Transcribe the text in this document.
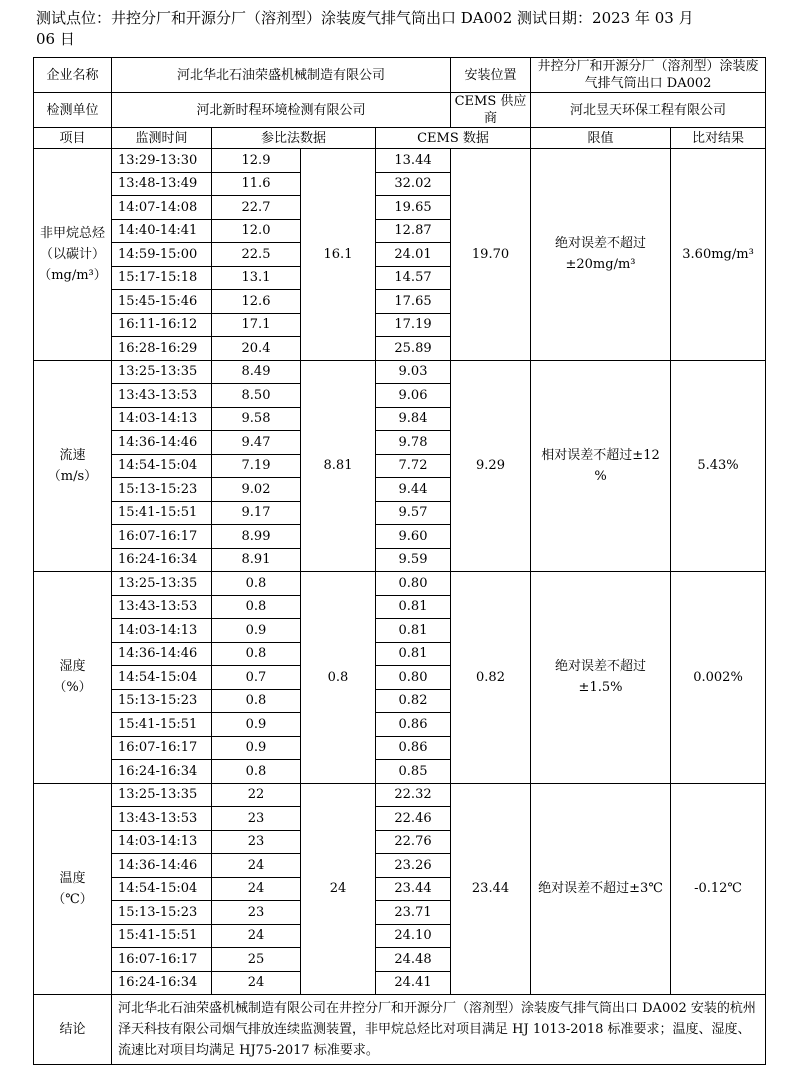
测试点位：井控分厂和开源分厂（溶剂型）涂装废气排气筒出口 DA002 测试日期：2023 年 03 月
06 日
企业名称	河北华北石油荣盛机械制造有限公司				安装位置	井控分厂和开源分厂（溶剂型）涂装废气排气筒出口 DA002	
检测单位	河北新时程环境检测有限公司				CEMS 供应商	河北昱天环保工程有限公司	
项目	监测时间	参比法数据		CEMS 数据		限值	比对结果

非甲烷总烃
（以碳计）
（mg/m³）	13:29-13:30	12.9	16.1	13.44	19.70	绝对误差不超过±20mg/m³	3.60mg/m³
	13:48-13:49	11.6		32.02			
	14:07-14:08	22.7		19.65			
	14:40-14:41	12.0		12.87			
	14:59-15:00	22.5		24.01			
	15:17-15:18	13.1		14.57			
	15:45-15:46	12.6		17.65			
	16:11-16:12	17.1		17.19			
	16:28-16:29	20.4		25.89			

流速
（m/s）	13:25-13:35	8.49	8.81	9.03	9.29	相对误差不超过±12 %	5.43%
	13:43-13:53	8.50		9.06			
	14:03-14:13	9.58		9.84			
	14:36-14:46	9.47		9.78			
	14:54-15:04	7.19		7.72			
	15:13-15:23	9.02		9.44			
	15:41-15:51	9.17		9.57			
	16:07-16:17	8.99		9.60			
	16:24-16:34	8.91		9.59			

湿度
（%）	13:25-13:35	0.8	0.8	0.80	0.82	绝对误差不超过±1.5%	0.002%
	13:43-13:53	0.8		0.81			
	14:03-14:13	0.9		0.81			
	14:36-14:46	0.8		0.81			
	14:54-15:04	0.7		0.80			
	15:13-15:23	0.8		0.82			
	15:41-15:51	0.9		0.86			
	16:07-16:17	0.9		0.86			
	16:24-16:34	0.8		0.85			

温度
（℃）	13:25-13:35	22	24	22.32	23.44	绝对误差不超过±3℃	-0.12℃
	13:43-13:53	23		22.46			
	14:03-14:13	23		22.76			
	14:36-14:46	24		23.26			
	14:54-15:04	24		23.44			
	15:13-15:23	23		23.71			
	15:41-15:51	24		24.10			
	16:07-16:17	25		24.48			
	16:24-16:34	24		24.41			
结论	河北华北石油荣盛机械制造有限公司在井控分厂和开源分厂（溶剂型）涂装废气排气筒出口 DA002 安装的杭州泽天科技有限公司烟气排放连续监测装置，非甲烷总烃比对项目满足 HJ 1013-2018 标准要求；温度、湿度、流速比对项目均满足 HJ75-2017 标准要求。						
